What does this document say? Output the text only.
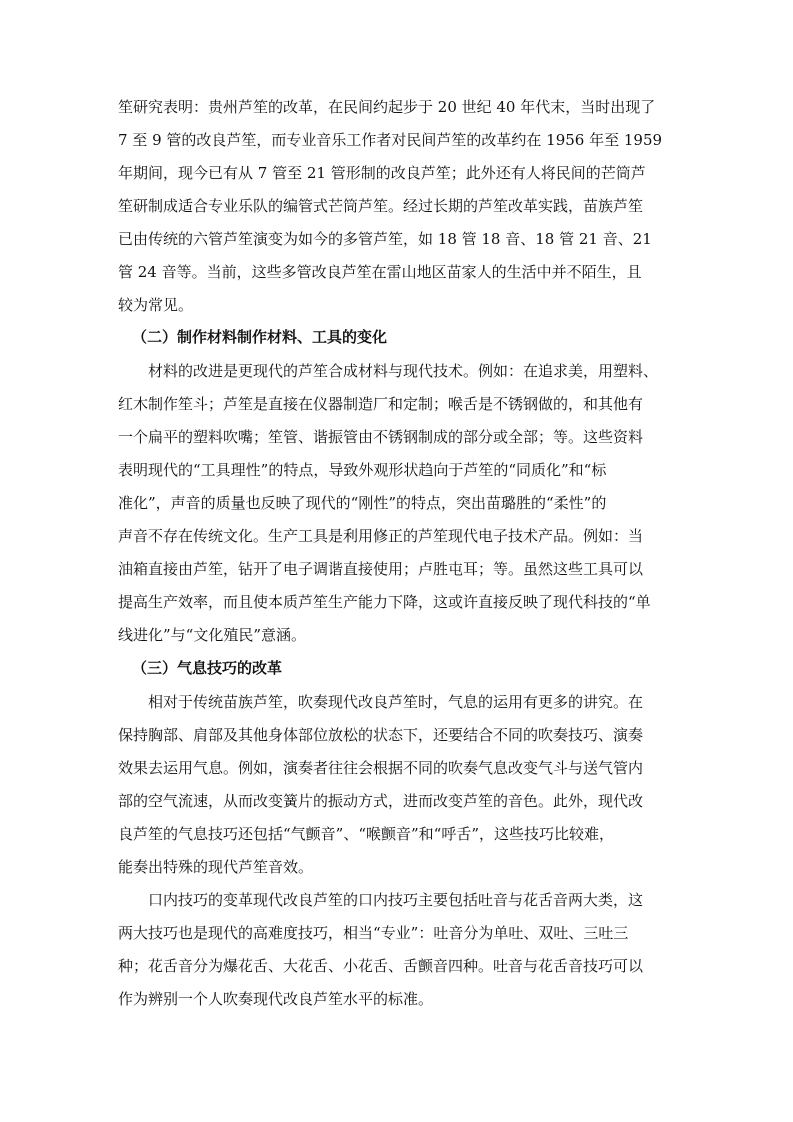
笙研究表明：贵州芦笙的改革，在民间约起步于 20 世纪 40 年代末，当时出现了
7 至 9 管的改良芦笙，而专业音乐工作者对民间芦笙的改革约在 1956 年至 1959
年期间，现今已有从 7 管至 21 管形制的改良芦笙；此外还有人将民间的芒筒芦
笙研制成适合专业乐队的编管式芒筒芦笙。经过长期的芦笙改革实践，苗族芦笙
已由传统的六管芦笙演变为如今的多管芦笙，如 18 管 18 音、18 管 21 音、21
管 24 音等。当前，这些多管改良芦笙在雷山地区苗家人的生活中并不陌生，且
较为常见。
（二）制作材料制作材料、工具的变化
材料的改进是更现代的芦笙合成材料与现代技术。例如：在追求美，用塑料、
红木制作笙斗；芦笙是直接在仪器制造厂和定制；喉舌是不锈钢做的，和其他有
一个扁平的塑料吹嘴；笙管、谐振管由不锈钢制成的部分或全部；等。这些资料
表明现代的“工具理性”的特点，导致外观形状趋向于芦笙的“同质化”和“标
准化”，声音的质量也反映了现代的“刚性”的特点，突出苗璐胜的“柔性”的
声音不存在传统文化。生产工具是利用修正的芦笙现代电子技术产品。例如：当
油箱直接由芦笙，钻开了电子调谐直接使用；卢胜屯耳；等。虽然这些工具可以
提高生产效率，而且使本质芦笙生产能力下降，这或许直接反映了现代科技的“单
线进化”与“文化殖民”意涵。
（三）气息技巧的改革
相对于传统苗族芦笙，吹奏现代改良芦笙时，气息的运用有更多的讲究。在
保持胸部、肩部及其他身体部位放松的状态下，还要结合不同的吹奏技巧、演奏
效果去运用气息。例如，演奏者往往会根据不同的吹奏气息改变气斗与送气管内
部的空气流速，从而改变簧片的振动方式，进而改变芦笙的音色。此外，现代改
良芦笙的气息技巧还包括“气颤音”、“喉颤音”和“呼舌”，这些技巧比较难，
能奏出特殊的现代芦笙音效。
口内技巧的变革现代改良芦笙的口内技巧主要包括吐音与花舌音两大类，这
两大技巧也是现代的高难度技巧，相当“专业”：吐音分为单吐、双吐、三吐三
种；花舌音分为爆花舌、大花舌、小花舌、舌颤音四种。吐音与花舌音技巧可以
作为辨别一个人吹奏现代改良芦笙水平的标准。
